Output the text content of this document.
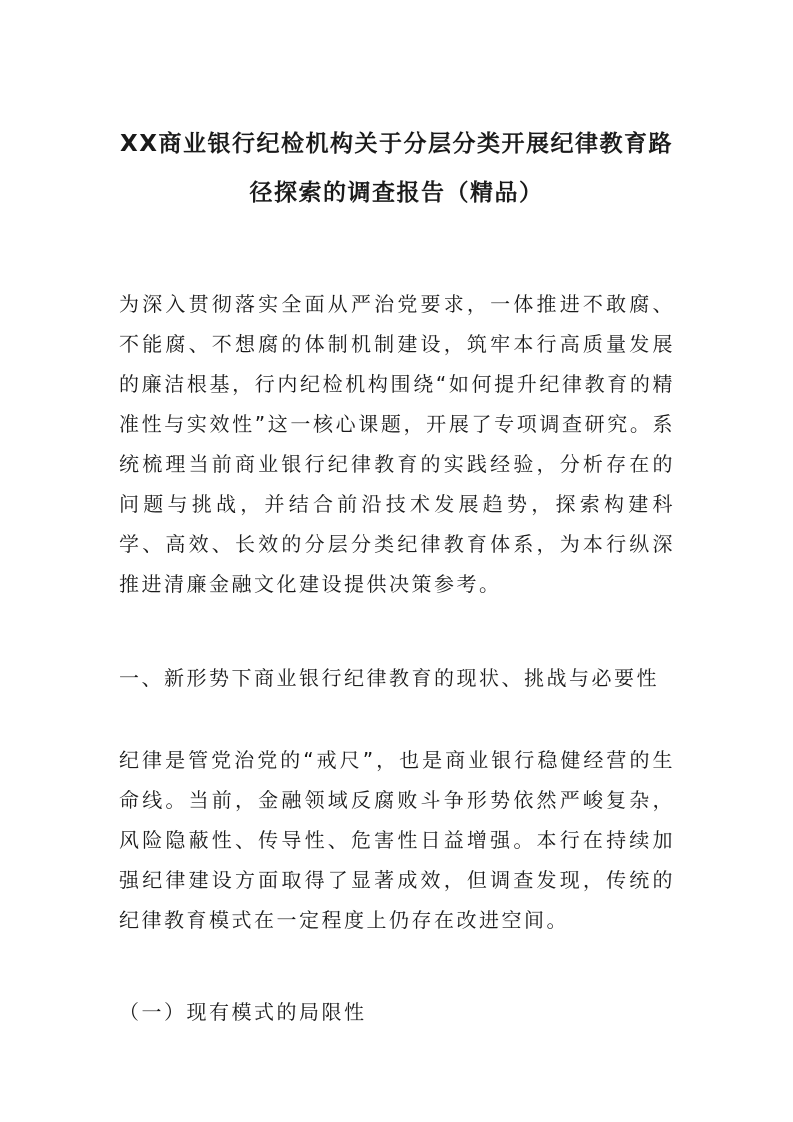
XX商业银行纪检机构关于分层分类开展纪律教育路
径探索的调查报告（精品）
为深入贯彻落实全面从严治党要求，一体推进不敢腐、不能腐、不想腐的体制机制建设，筑牢本行高质量发展的廉洁根基，行内纪检机构围绕“如何提升纪律教育的精准性与实效性”这一核心课题，开展了专项调查研究。系统梳理当前商业银行纪律教育的实践经验，分析存在的问题与挑战，并结合前沿技术发展趋势，探索构建科学、高效、长效的分层分类纪律教育体系，为本行纵深推进清廉金融文化建设提供决策参考。
一、新形势下商业银行纪律教育的现状、挑战与必要性
纪律是管党治党的“戒尺”，也是商业银行稳健经营的生命线。当前，金融领域反腐败斗争形势依然严峻复杂，风险隐蔽性、传导性、危害性日益增强。本行在持续加强纪律建设方面取得了显著成效，但调查发现，传统的纪律教育模式在一定程度上仍存在改进空间。
（一）现有模式的局限性
